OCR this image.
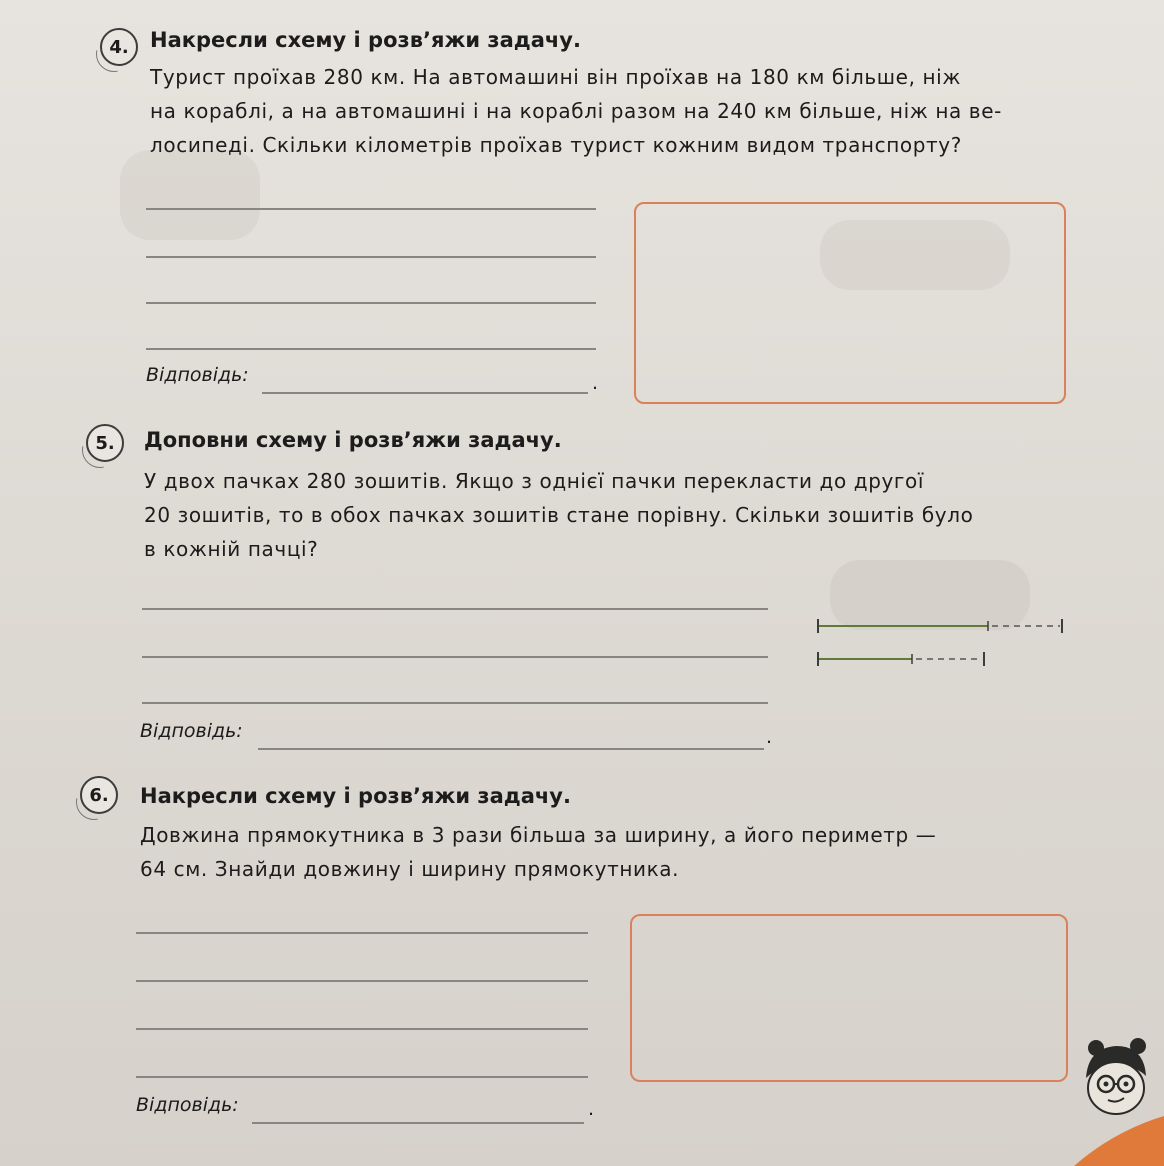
4. Накресли схему і розв’яжи задачу.
Турист проїхав 280 км. На автомашині він проїхав на 180 км більше, ніж
на кораблі, а на автомашині і на кораблі разом на 240 км більше, ніж на ве-
лосипеді. Скільки кілометрів проїхав турист кожним видом транспорту?
Відповідь:	.
5. Доповни схему і розв’яжи задачу.
У двох пачках 280 зошитів. Якщо з однієї пачки перекласти до другої
20 зошитів, то в обох пачках зошитів стане порівну. Скільки зошитів було
в кожній пачці?
Відповідь:	.
6. Накресли схему і розв’яжи задачу.
Довжина прямокутника в 3 рази більша за ширину, а його периметр —
64 см. Знайди довжину і ширину прямокутника.
Відповідь:	.
